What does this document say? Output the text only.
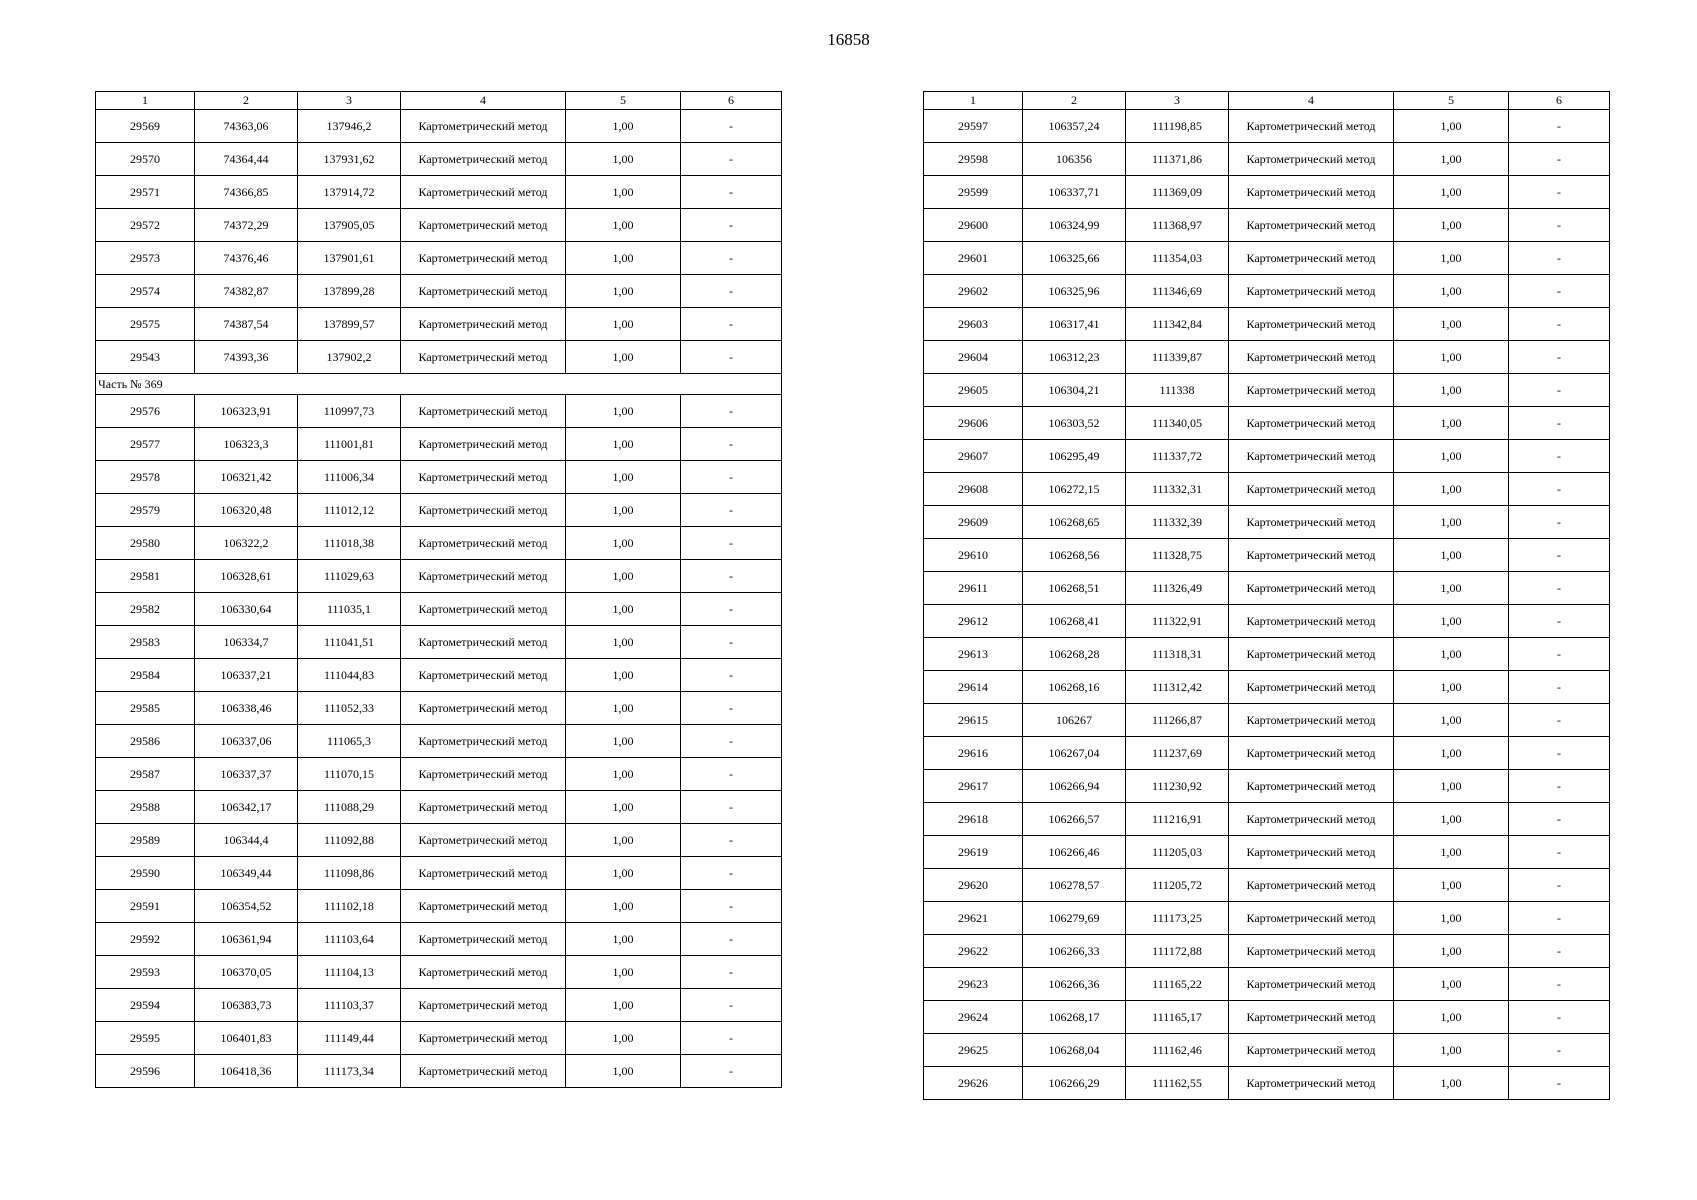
16858
1	2	3	4	5	6
29569	74363,06	137946,2	Картометрический метод	1,00	-
29570	74364,44	137931,62	Картометрический метод	1,00	-
29571	74366,85	137914,72	Картометрический метод	1,00	-
29572	74372,29	137905,05	Картометрический метод	1,00	-
29573	74376,46	137901,61	Картометрический метод	1,00	-
29574	74382,87	137899,28	Картометрический метод	1,00	-
29575	74387,54	137899,57	Картометрический метод	1,00	-
29543	74393,36	137902,2	Картометрический метод	1,00	-
Часть № 369					
29576	106323,91	110997,73	Картометрический метод	1,00	-
29577	106323,3	111001,81	Картометрический метод	1,00	-
29578	106321,42	111006,34	Картометрический метод	1,00	-
29579	106320,48	111012,12	Картометрический метод	1,00	-
29580	106322,2	111018,38	Картометрический метод	1,00	-
29581	106328,61	111029,63	Картометрический метод	1,00	-
29582	106330,64	111035,1	Картометрический метод	1,00	-
29583	106334,7	111041,51	Картометрический метод	1,00	-
29584	106337,21	111044,83	Картометрический метод	1,00	-
29585	106338,46	111052,33	Картометрический метод	1,00	-
29586	106337,06	111065,3	Картометрический метод	1,00	-
29587	106337,37	111070,15	Картометрический метод	1,00	-
29588	106342,17	111088,29	Картометрический метод	1,00	-
29589	106344,4	111092,88	Картометрический метод	1,00	-
29590	106349,44	111098,86	Картометрический метод	1,00	-
29591	106354,52	111102,18	Картометрический метод	1,00	-
29592	106361,94	111103,64	Картометрический метод	1,00	-
29593	106370,05	111104,13	Картометрический метод	1,00	-
29594	106383,73	111103,37	Картометрический метод	1,00	-
29595	106401,83	111149,44	Картометрический метод	1,00	-
29596	106418,36	111173,34	Картометрический метод	1,00	-
1	2	3	4	5	6
29597	106357,24	111198,85	Картометрический метод	1,00	-
29598	106356	111371,86	Картометрический метод	1,00	-
29599	106337,71	111369,09	Картометрический метод	1,00	-
29600	106324,99	111368,97	Картометрический метод	1,00	-
29601	106325,66	111354,03	Картометрический метод	1,00	-
29602	106325,96	111346,69	Картометрический метод	1,00	-
29603	106317,41	111342,84	Картометрический метод	1,00	-
29604	106312,23	111339,87	Картометрический метод	1,00	-
29605	106304,21	111338	Картометрический метод	1,00	-
29606	106303,52	111340,05	Картометрический метод	1,00	-
29607	106295,49	111337,72	Картометрический метод	1,00	-
29608	106272,15	111332,31	Картометрический метод	1,00	-
29609	106268,65	111332,39	Картометрический метод	1,00	-
29610	106268,56	111328,75	Картометрический метод	1,00	-
29611	106268,51	111326,49	Картометрический метод	1,00	-
29612	106268,41	111322,91	Картометрический метод	1,00	-
29613	106268,28	111318,31	Картометрический метод	1,00	-
29614	106268,16	111312,42	Картометрический метод	1,00	-
29615	106267	111266,87	Картометрический метод	1,00	-
29616	106267,04	111237,69	Картометрический метод	1,00	-
29617	106266,94	111230,92	Картометрический метод	1,00	-
29618	106266,57	111216,91	Картометрический метод	1,00	-
29619	106266,46	111205,03	Картометрический метод	1,00	-
29620	106278,57	111205,72	Картометрический метод	1,00	-
29621	106279,69	111173,25	Картометрический метод	1,00	-
29622	106266,33	111172,88	Картометрический метод	1,00	-
29623	106266,36	111165,22	Картометрический метод	1,00	-
29624	106268,17	111165,17	Картометрический метод	1,00	-
29625	106268,04	111162,46	Картометрический метод	1,00	-
29626	106266,29	111162,55	Картометрический метод	1,00	-
